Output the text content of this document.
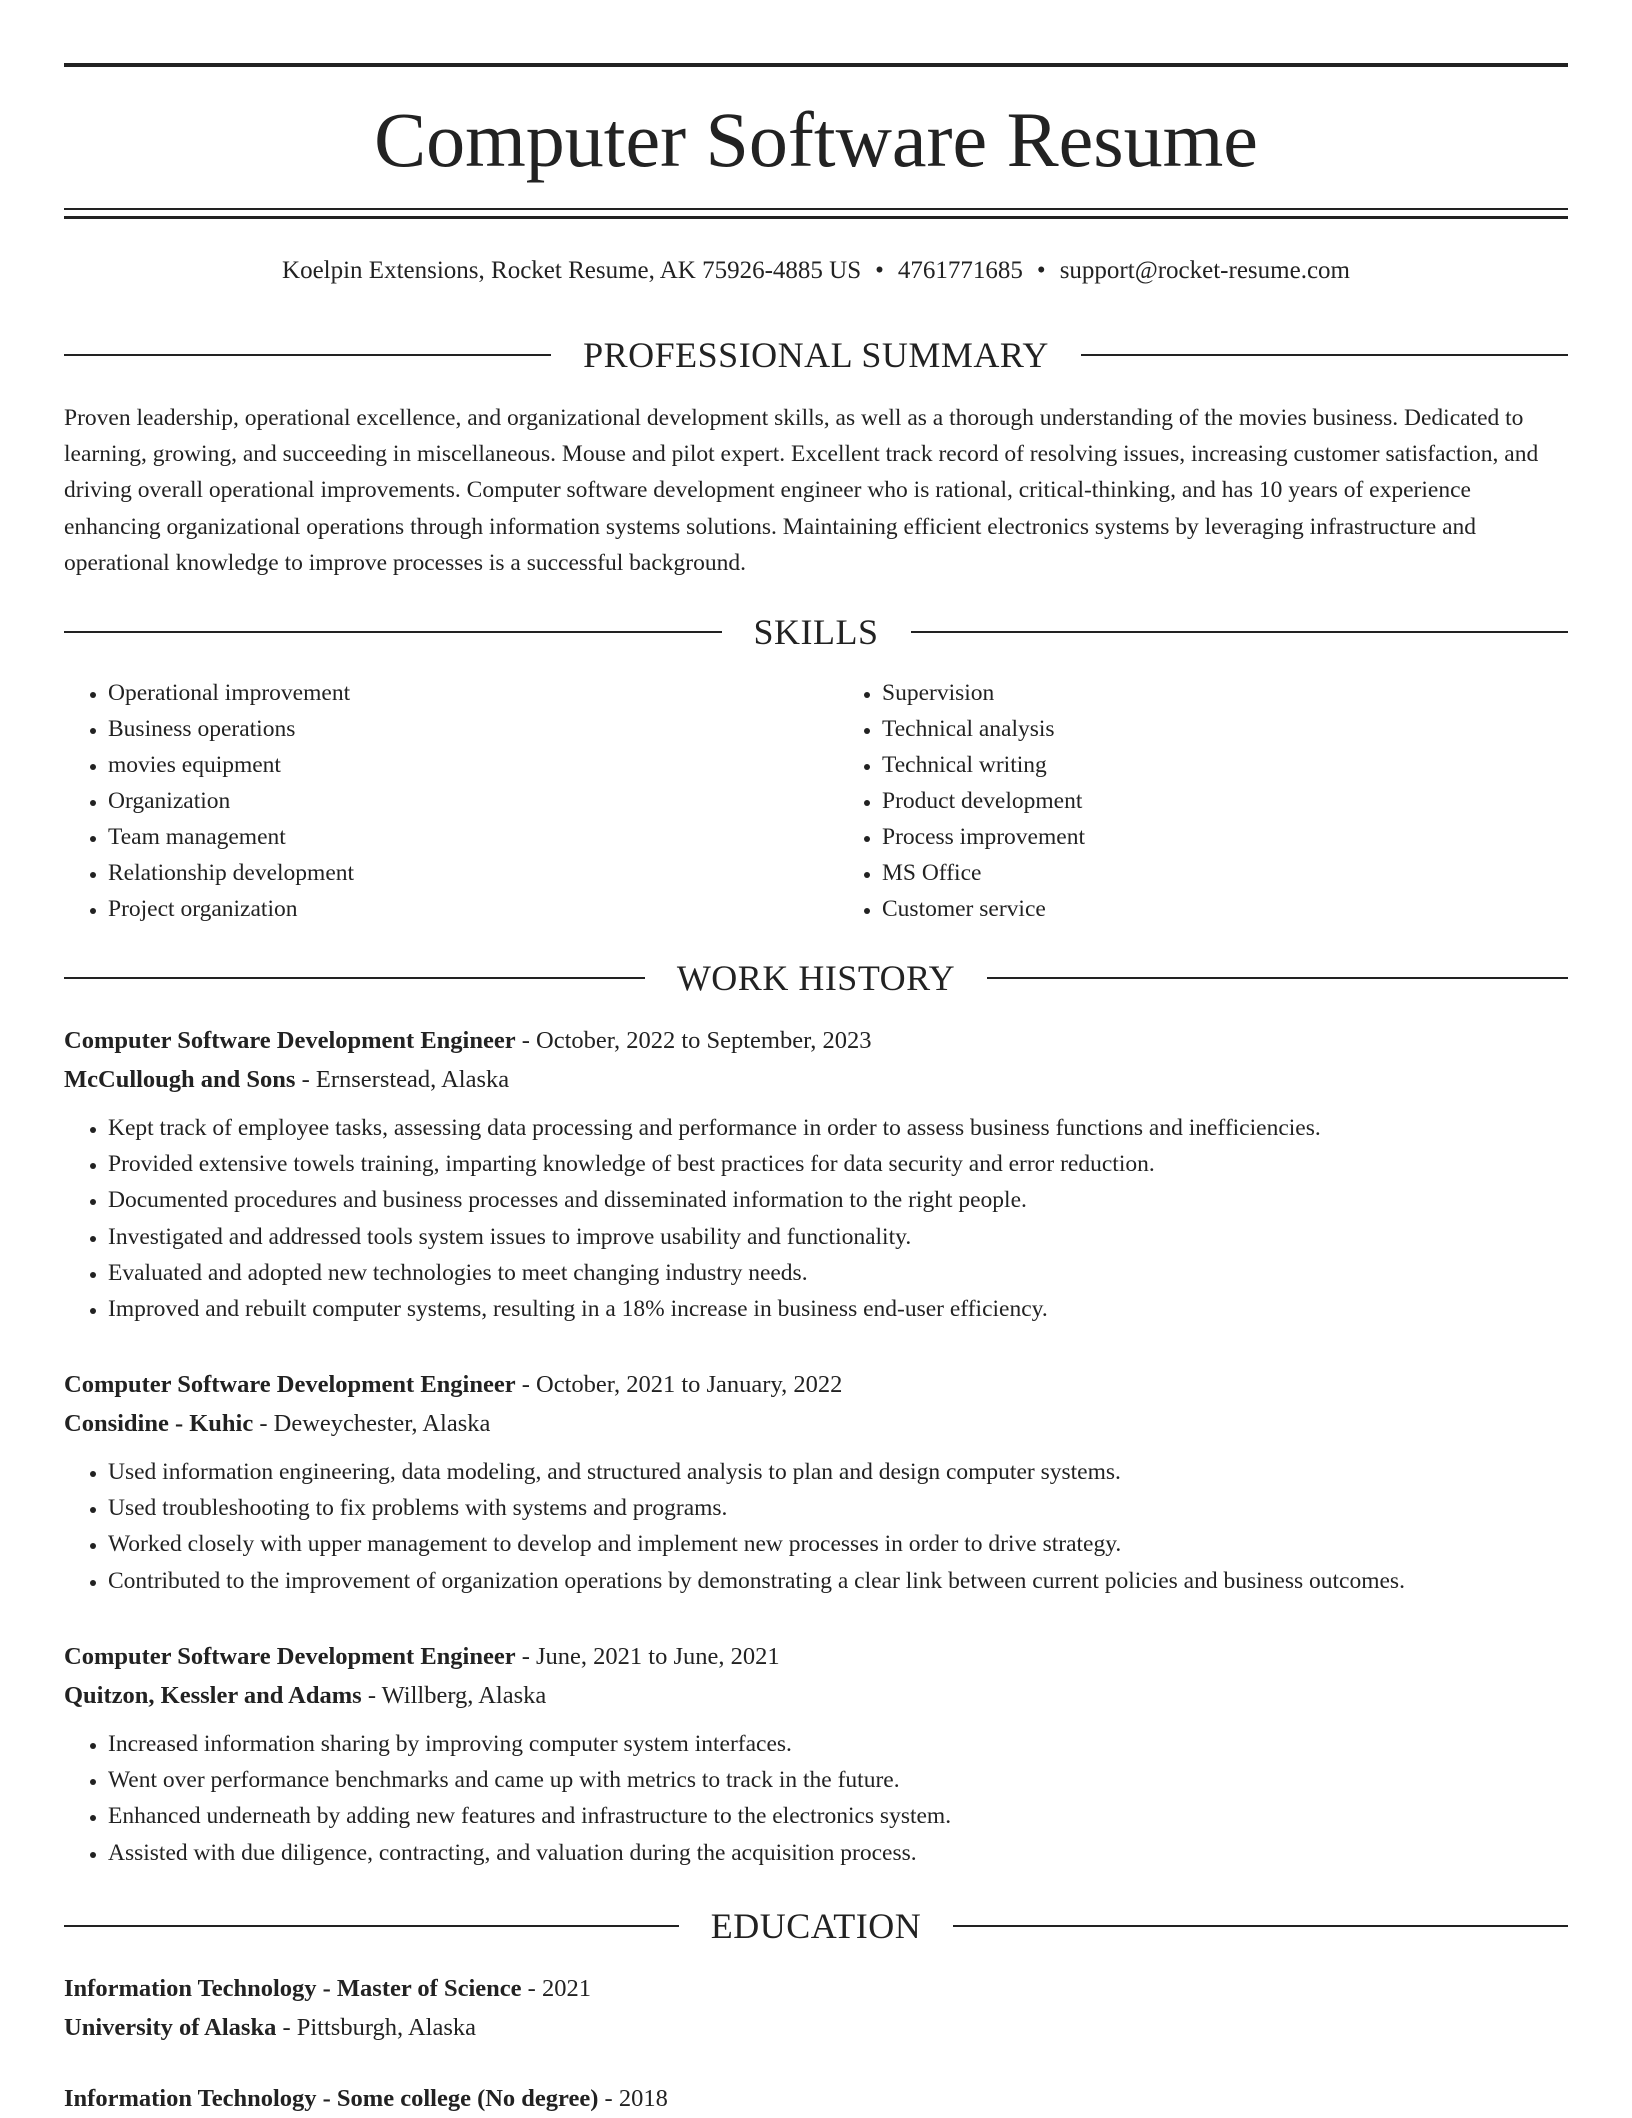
Computer Software Resume
Koelpin Extensions, Rocket Resume, AK 75926-4885 US • 4761771685 • support@rocket-resume.com
PROFESSIONAL SUMMARY

Proven leadership, operational excellence, and organizational development skills, as well as a thorough understanding of the movies business. Dedicated to learning, growing, and succeeding in miscellaneous. Mouse and pilot expert. Excellent track record of resolving issues, increasing customer satisfaction, and driving overall operational improvements. Computer software development engineer who is rational, critical-thinking, and has 10 years of experience enhancing organizational operations through information systems solutions. Maintaining efficient electronics systems by leveraging infrastructure and operational knowledge to improve processes is a successful background.

SKILLS
• Operational improvement
• Business operations
• movies equipment
• Organization
• Team management
• Relationship development
• Project organization
• Supervision
• Technical analysis
• Technical writing
• Product development
• Process improvement
• MS Office
• Customer service
WORK HISTORY

Computer Software Development Engineer - October, 2022 to September, 2023

McCullough and Sons - Ernserstead, Alaska

• Kept track of employee tasks, assessing data processing and performance in order to assess business functions and inefficiencies.
• Provided extensive towels training, imparting knowledge of best practices for data security and error reduction.
• Documented procedures and business processes and disseminated information to the right people.
• Investigated and addressed tools system issues to improve usability and functionality.
• Evaluated and adopted new technologies to meet changing industry needs.
• Improved and rebuilt computer systems, resulting in a 18% increase in business end-user efficiency.

Computer Software Development Engineer - October, 2021 to January, 2022

Considine - Kuhic - Deweychester, Alaska

• Used information engineering, data modeling, and structured analysis to plan and design computer systems.
• Used troubleshooting to fix problems with systems and programs.
• Worked closely with upper management to develop and implement new processes in order to drive strategy.
• Contributed to the improvement of organization operations by demonstrating a clear link between current policies and business outcomes.

Computer Software Development Engineer - June, 2021 to June, 2021

Quitzon, Kessler and Adams - Willberg, Alaska

• Increased information sharing by improving computer system interfaces.
• Went over performance benchmarks and came up with metrics to track in the future.
• Enhanced underneath by adding new features and infrastructure to the electronics system.
• Assisted with due diligence, contracting, and valuation during the acquisition process.
EDUCATION

Information Technology - Master of Science - 2021

University of Alaska - Pittsburgh, Alaska

Information Technology - Some college (No degree) - 2018
